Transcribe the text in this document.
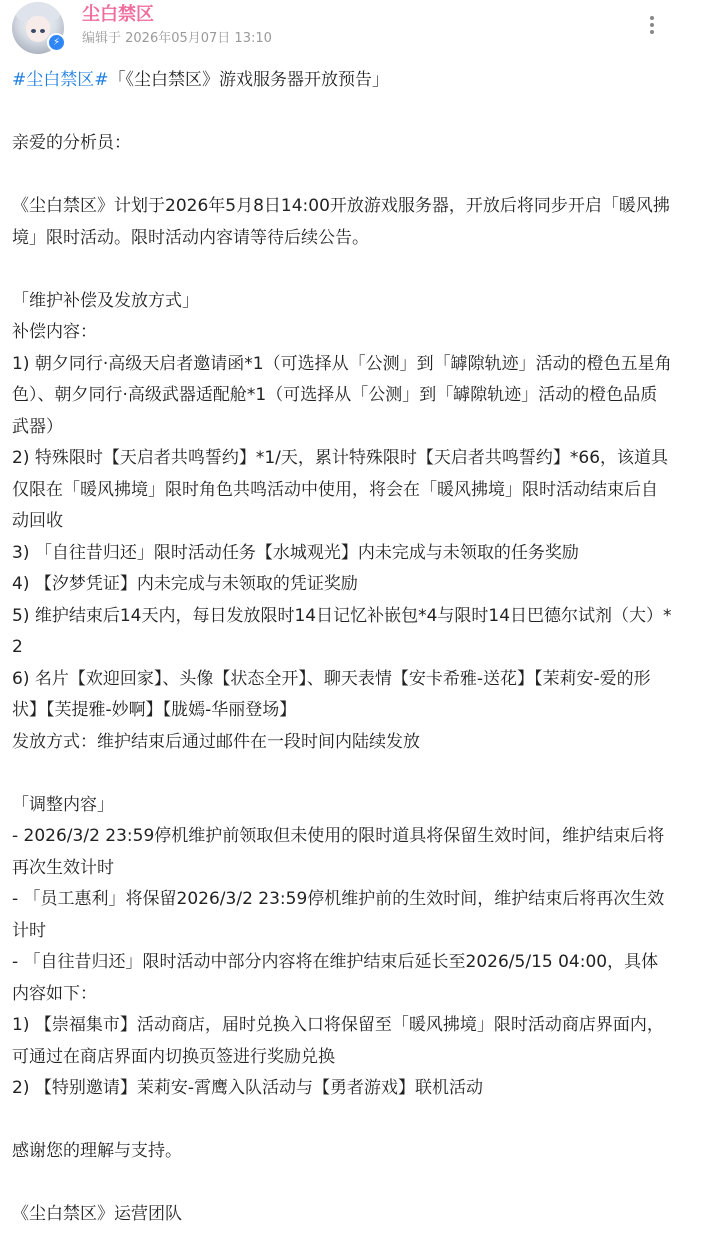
⚡
尘白禁区
编辑于 2026年05月07日 13:10

#尘白禁区#「《尘白禁区》游戏服务器开放预告」

亲爱的分析员：

《尘白禁区》计划于2026年5月8日14:00开放游戏服务器，开放后将同步开启「暖风拂境」限时活动。限时活动内容请等待后续公告。

「维护补偿及发放方式」

补偿内容：

1) 朝夕同行·高级天启者邀请函*1（可选择从「公测」到「罅隙轨迹」活动的橙色五星角色）、朝夕同行·高级武器适配舱*1（可选择从「公测」到「罅隙轨迹」活动的橙色品质武器）

2) 特殊限时【天启者共鸣誓约】*1/天，累计特殊限时【天启者共鸣誓约】*66，该道具仅限在「暖风拂境」限时角色共鸣活动中使用，将会在「暖风拂境」限时活动结束后自动回收

3) 「自往昔归还」限时活动任务【水城观光】内未完成与未领取的任务奖励

4) 【汐梦凭证】内未完成与未领取的凭证奖励

5) 维护结束后14天内，每日发放限时14日记忆补嵌包*4与限时14日巴德尔试剂（大）*2

6) 名片【欢迎回家】、头像【状态全开】、聊天表情【安卡希雅-送花】【茉莉安-爱的形状】【芙提雅-妙啊】【胧嫣-华丽登场】

发放方式：维护结束后通过邮件在一段时间内陆续发放

「调整内容」

- 2026/3/2 23:59停机维护前领取但未使用的限时道具将保留生效时间，维护结束后将再次生效计时

- 「员工惠利」将保留2026/3/2 23:59停机维护前的生效时间，维护结束后将再次生效计时

- 「自往昔归还」限时活动中部分内容将在维护结束后延长至2026/5/15 04:00，具体内容如下：

1) 【崇福集市】活动商店，届时兑换入口将保留至「暖风拂境」限时活动商店界面内，可通过在商店界面内切换页签进行奖励兑换

2) 【特别邀请】茉莉安-霄鹰入队活动与【勇者游戏】联机活动

感谢您的理解与支持。

《尘白禁区》运营团队
